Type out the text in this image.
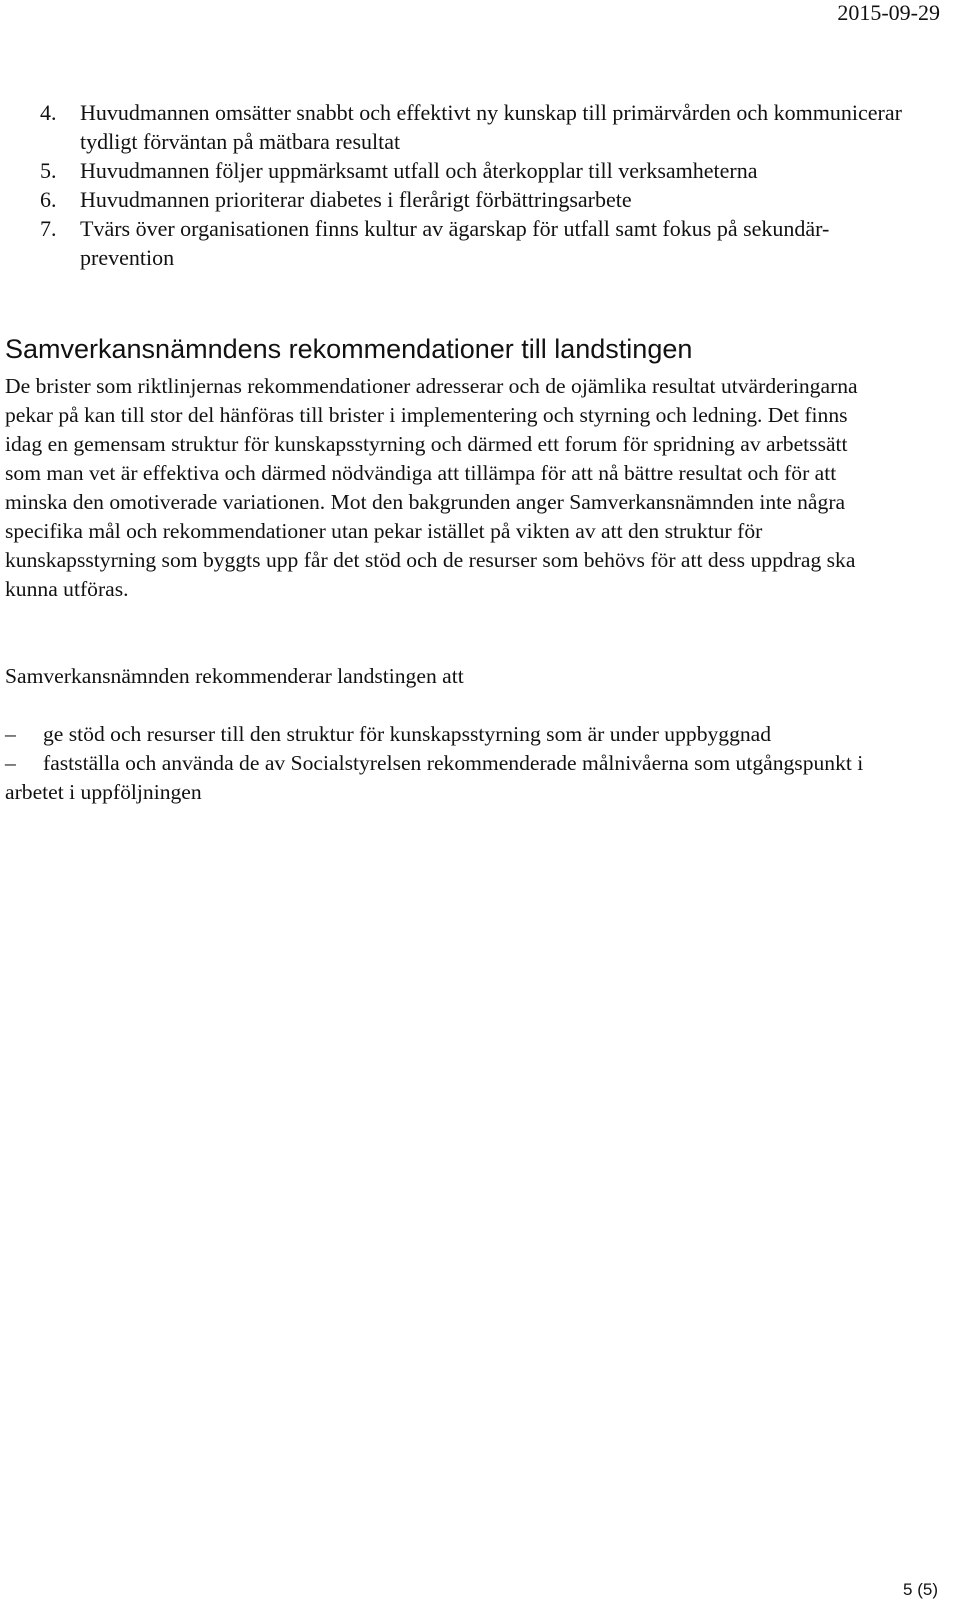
2015-09-29
4. Huvudmannen omsätter snabbt och effektivt ny kunskap till primärvården och kommunicerar tydligt förväntan på mätbara resultat
5. Huvudmannen följer uppmärksamt utfall och återkopplar till verksamheterna
6. Huvudmannen prioriterar diabetes i flerårigt förbättringsarbete
7. Tvärs över organisationen finns kultur av ägarskap för utfall samt fokus på sekundär-prevention
Samverkansnämndens rekommendationer till landstingen

De brister som riktlinjernas rekommendationer adresserar och de ojämlika resultat utvärderingarna pekar på kan till stor del hänföras till brister i implementering och styrning och ledning. Det finns idag en gemensam struktur för kunskapsstyrning och därmed ett forum för spridning av arbetssätt som man vet är effektiva och därmed nödvändiga att tillämpa för att nå bättre resultat och för att minska den omotiverade variationen. Mot den bakgrunden anger Samverkansnämnden inte några specifika mål och rekommendationer utan pekar istället på vikten av att den struktur för kunskapsstyrning som byggts upp får det stöd och de resurser som behövs för att dess uppdrag ska kunna utföras.

Samverkansnämnden rekommenderar landstingen att

– ge stöd och resurser till den struktur för kunskapsstyrning som är under uppbyggnad
– fastställa och använda de av Socialstyrelsen rekommenderade målnivåerna som utgångspunkt i arbetet i uppföljningen
5 (5)
